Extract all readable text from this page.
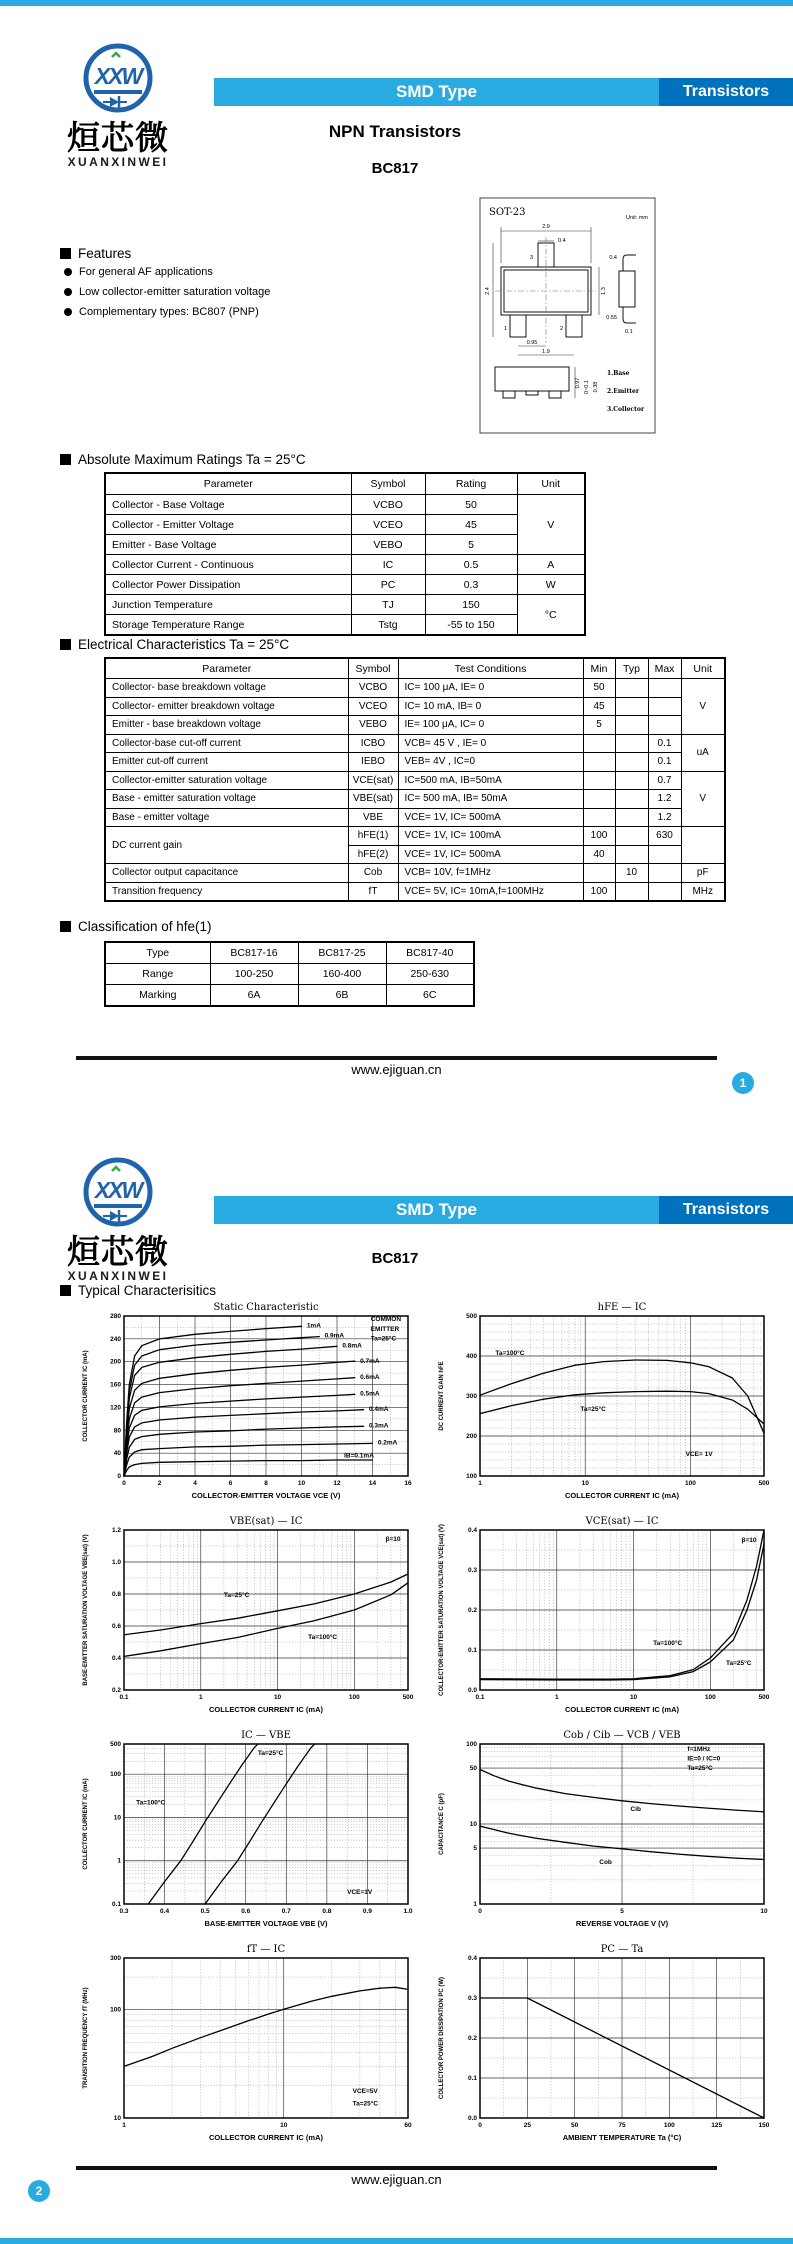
XXW
烜芯微
XUANXINWEI
SMD Type	Transistors
NPN Transistors
BC817
Features
For general AF applications
Low collector-emitter saturation voltage
Complementary types: BC807 (PNP)
SOT-23	Unit: mm
2.9
0.4
2.4	1.3
0.95
1.9
3
1	2
0.4
0.55
0.1
0.97 0~0.1 0.38
1.Base
2.Emitter
3.Collector
Absolute Maximum Ratings Ta = 25°C
Parameter	Symbol	Rating	Unit
Collector - Base Voltage	VCBO	50	V
Collector - Emitter Voltage	VCEO	45	
Emitter - Base Voltage	VEBO	5	
Collector Current - Continuous	IC	0.5	A
Collector Power Dissipation	PC	0.3	W
Junction Temperature	TJ	150	°C
Storage Temperature Range	Tstg	-55 to 150	
Electrical Characteristics Ta = 25°C
Parameter	Symbol	Test Conditions	Min	Typ	Max	Unit
Collector- base breakdown voltage	VCBO	IC= 100 μA, IE= 0	50			V
Collector- emitter breakdown voltage	VCEO	IC= 10 mA, IB= 0	45			
Emitter - base breakdown voltage	VEBO	IE= 100 μA, IC= 0	5			
Collector-base cut-off current	ICBO	VCB= 45 V , IE= 0			0.1	uA
Emitter cut-off current	IEBO	VEB= 4V , IC=0			0.1	
Collector-emitter saturation voltage	VCE(sat)	IC=500 mA, IB=50mA			0.7	V
Base - emitter saturation voltage	VBE(sat)	IC= 500 mA, IB= 50mA			1.2	
Base - emitter voltage	VBE	VCE= 1V, IC= 500mA			1.2	
DC current gain	hFE(1)	VCE= 1V, IC= 100mA	100		630	
	hFE(2)	VCE= 1V, IC= 500mA	40			
Collector output capacitance	Cob	VCB= 10V, f=1MHz		10		pF
Transition frequency	fT	VCE= 5V, IC= 10mA,f=100MHz	100			MHz
Classification of hfe(1)
Type	BC817-16	BC817-25	BC817-40
Range	100-250	160-400	250-630
Marking	6A	6B	6C
www.ejiguan.cn
1
XXW
烜芯微
XUANXINWEI
SMD Type	Transistors
BC817
Typical Characterisitics
0	2	4	6	8	10	12	14	16
0
40
80
120
160
200
240
280
1mA
0.9mA
0.8mA
0.7mA
0.6mA
0.5mA
0.4mA
0.3mA
0.2mA
IB=0.1mA
COMMON
EMITTER
Ta=25°C
Static Characteristic
COLLECTOR-EMITTER VOLTAGE VCE (V)
COLLECTOR CURRENT IC (mA)
1	10	100	500
100
200
300
400
500
Ta=100°C
Ta=25°C
VCE= 1V
hFE — IC
COLLECTOR CURRENT IC (mA)
DC CURRENT GAIN hFE
0.1	1	10	100	500
0.2
0.4
0.6
0.8
1.0
1.2
β=10
Ta=25°C
Ta=100°C
VBE(sat) — IC
COLLECTOR CURRENT IC (mA)
BASE-EMITTER SATURATION VOLTAGE VBE(sat) (V)
0.1	1	10	100	500
0.0
0.1
0.2
0.3
0.4
β=10
Ta=100°C
Ta=25°C
VCE(sat) — IC
COLLECTOR CURRENT IC (mA)
COLLECTOR-EMITTER SATURATION VOLTAGE VCE(sat) (V)
0.3	0.4	0.5	0.6	0.7	0.8	0.9	1.0
0.1
1
10
100
500
Ta=100°C
Ta=25°C
VCE=1V
IC — VBE
BASE-EMITTER VOLTAGE VBE (V)
COLLECTOR CURRENT IC (mA)
0	5	10
1
5
10
50
100
f=1MHz
IE=0 / IC=0
Ta=25°C
Cib
Cob
Cob / Cib — VCB / VEB
REVERSE VOLTAGE V (V)
CAPACITANCE C (pF)
1	10	60
10
100
300
VCE=5V
Ta=25°C
fT — IC
COLLECTOR CURRENT IC (mA)
TRANSITION FREQUENCY fT (MHz)
0	25	50	75	100	125	150
0.0
0.1
0.2
0.3
0.4
PC — Ta
AMBIENT TEMPERATURE Ta (°C)
COLLECTOR POWER DISSIPATION PC (W)
www.ejiguan.cn
2
